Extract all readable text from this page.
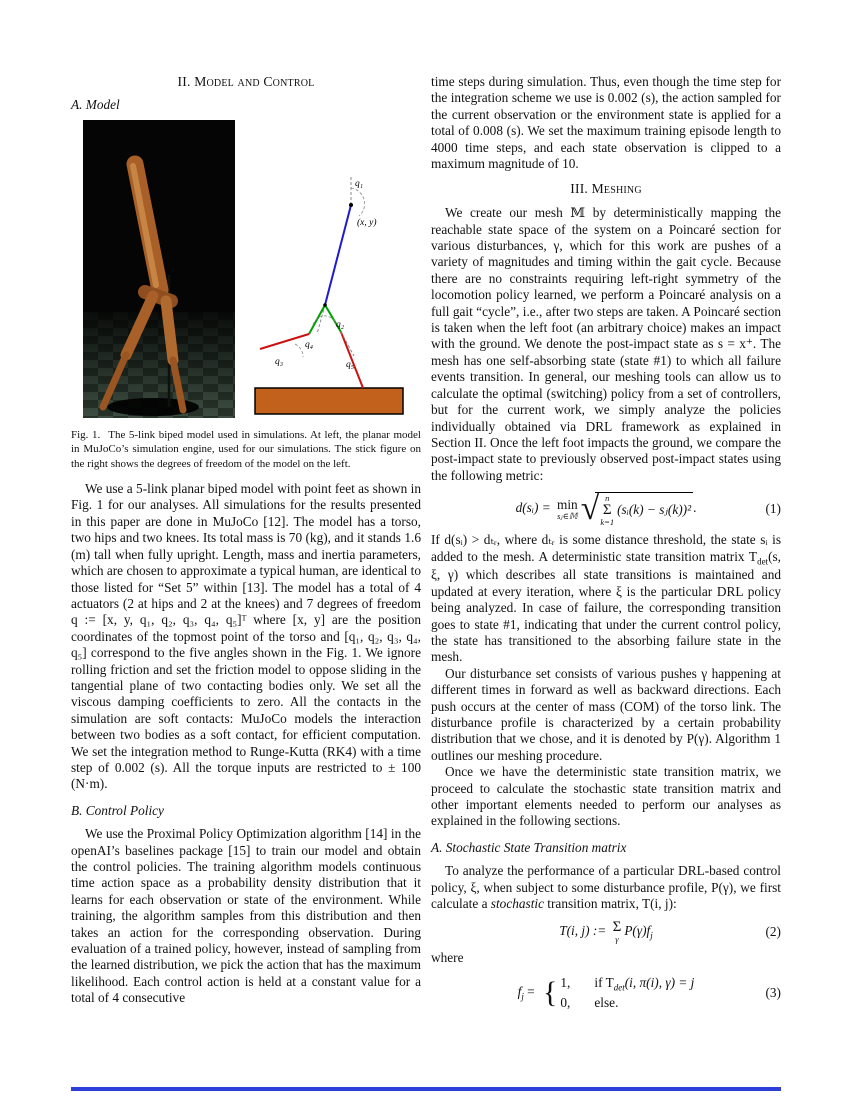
II. Model and Control
A. Model
q₁
(x, y)
q₂
q₄
q₃	q₅
Fig. 1. The 5-link biped model used in simulations. At left, the planar model in MuJoCo’s simulation engine, used for our simulations. The stick figure on the right shows the degrees of freedom of the model on the left.

We use a 5-link planar biped model with point feet as shown in Fig. 1 for our analyses. All simulations for the results presented in this paper are done in MuJoCo [12]. The model has a torso, two hips and two knees. Its total mass is 70 (kg), and it stands 1.6 (m) tall when fully upright. Length, mass and inertia parameters, which are chosen to approximate a typical human, are identical to those listed for “Set 5” within [13]. The model has a total of 4 actuators (2 at hips and 2 at the knees) and 7 degrees of freedom q := [x, y, q₁, q₂, q₃, q₄, q₅]ᵀ where [x, y] are the position coordinates of the topmost point of the torso and [q₁, q₂, q₃, q₄, q₅] correspond to the five angles shown in the Fig. 1. We ignore rolling friction and set the friction model to oppose sliding in the tangential plane of two contacting bodies only. We set all the viscous damping coefficients to zero. All the contacts in the simulation are soft contacts: MuJoCo models the interaction between two bodies as a soft contact, for efficient computation. We set the integration method to Runge-Kutta (RK4) with a time step of 0.002 (s). All the torque inputs are restricted to ± 100 (N·m).

B. Control Policy

We use the Proximal Policy Optimization algorithm [14] in the openAI’s baselines package [15] to train our model and obtain the control policies. The training algorithm models continuous time action space as a probability density distribution that it learns for each observation or state of the environment. While training, the algorithm samples from this distribution and then takes an action for the corresponding observation. During evaluation of a trained policy, however, instead of sampling from the learned distribution, we pick the action that has the maximum likelihood. Each control action is held at a constant value for a total of 4 consecutive

time steps during simulation. Thus, even though the time step for the integration scheme we use is 0.002 (s), the action sampled for the current observation or the environment state is applied for a total of 0.008 (s). We set the maximum training episode length to 4000 time steps, and each state observation is clipped to a maximum magnitude of 10.

III. Meshing

We create our mesh 𝕄 by deterministically mapping the reachable state space of the system on a Poincaré section for various disturbances, γ, which for this work are pushes of a variety of magnitudes and timing within the gait cycle. Because there are no constraints requiring left-right symmetry of the locomotion policy learned, we perform a Poincaré analysis on a full gait “cycle”, i.e., after two steps are taken. A Poincaré section is taken when the left foot (an arbitrary choice) makes an impact with the ground. We denote the post-impact state as s = x⁺. The mesh has one self-absorbing state (state #1) to which all failure events transition. In general, our meshing tools can allow us to calculate the optimal (switching) policy from a set of controllers, but for the current work, we simply analyze the policies individually obtained via DRL framework as explained in Section II. Once the left foot impacts the ground, we compare the post-impact state to previously observed post-impact states using the following metric:

d(sᵢ) = min
sⱼ∈𝕄 √ n
Σ
k=1
(sᵢ(k) − sⱼ(k))² .	(1)

If d(sᵢ) > dₜᵣ, where dₜᵣ is some distance threshold, the state sᵢ is added to the mesh. A deterministic state transition matrix $T_{det}(s$, ξ, γ) which describes all state transitions is maintained and updated at every iteration, where ξ is the particular DRL policy being analyzed. In case of failure, the corresponding transition goes to state #1, indicating that under the current control policy, the state has transitioned to the absorbing failure state in the mesh.

Our disturbance set consists of various pushes γ happening at different times in forward as well as backward directions. Each push occurs at the center of mass (COM) of the torso link. The disturbance profile is characterized by a certain probability distribution that we chose, and it is denoted by P(γ). Algorithm 1 outlines our meshing procedure.

Once we have the deterministic state transition matrix, we proceed to calculate the stochastic state transition matrix and other important elements needed to perform our analyses as explained in the following sections.

A. Stochastic State Transition matrix

To analyze the performance of a particular DRL-based control policy, ξ, when subject to some disturbance profile, P(γ), we first calculate a stochastic transition matrix, T(i, j):

T(i, j) := Σ
γ
$P(\gamma)f_j$	(2)
where
$f_j$ = { 1, if $T_{det}(i$, π(i), γ) = j
0, else.
(3)
